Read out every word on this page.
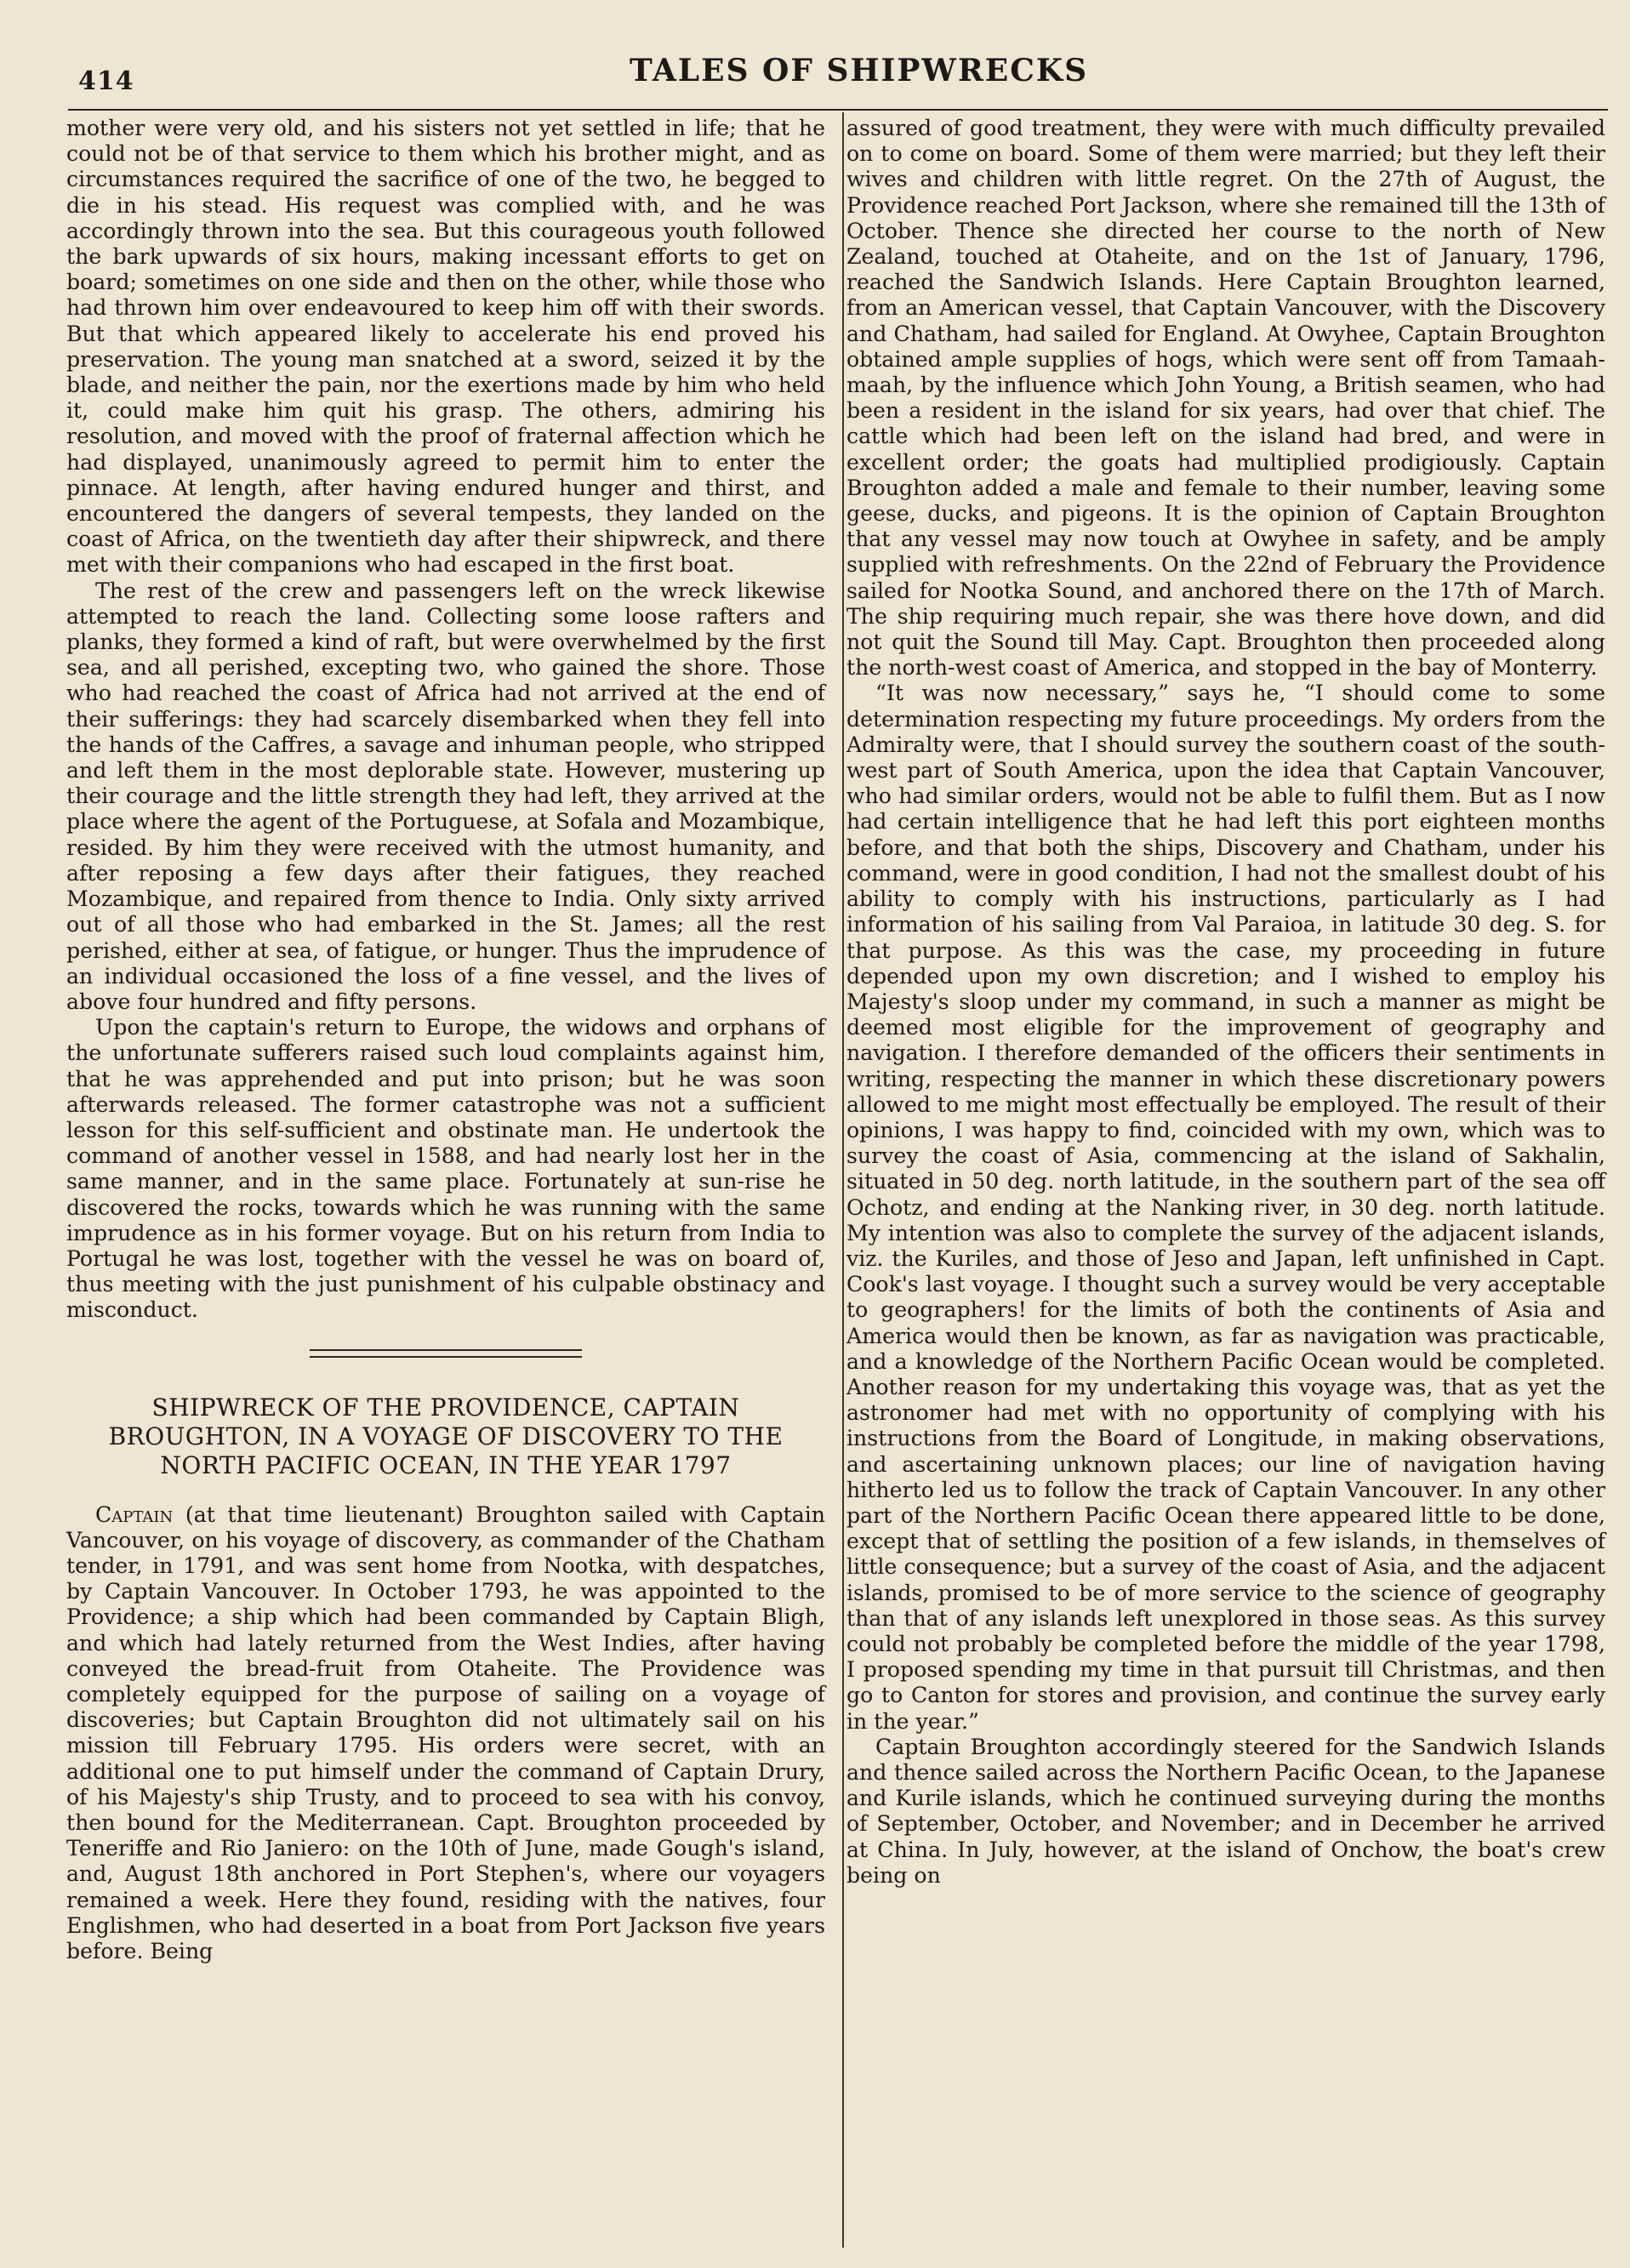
414	TALES OF SHIPWRECKS

mother were very old, and his sisters not yet settled in life; that he could not be of that service to them which his brother might, and as circumstances required the sacrifice of one of the two, he begged to die in his stead. His request was complied with, and he was accordingly thrown into the sea. But this courageous youth followed the bark upwards of six hours, making incessant efforts to get on board; sometimes on one side and then on the other, while those who had thrown him over endeavoured to keep him off with their swords. But that which appeared likely to accelerate his end proved his preservation. The young man snatched at a sword, seized it by the blade, and neither the pain, nor the exertions made by him who held it, could make him quit his grasp. The others, admiring his resolution, and moved with the proof of fraternal affection which he had displayed, unanimously agreed to permit him to enter the pinnace. At length, after having endured hunger and thirst, and encountered the dangers of several tempests, they landed on the coast of Africa, on the twentieth day after their shipwreck, and there met with their companions who had escaped in the first boat.

The rest of the crew and passengers left on the wreck likewise attempted to reach the land. Collecting some loose rafters and planks, they formed a kind of raft, but were overwhelmed by the first sea, and all perished, excepting two, who gained the shore. Those who had reached the coast of Africa had not arrived at the end of their sufferings: they had scarcely disembarked when they fell into the hands of the Caffres, a savage and inhuman people, who stripped and left them in the most deplorable state. However, mustering up their courage and the little strength they had left, they arrived at the place where the agent of the Portuguese, at Sofala and Mozambique, resided. By him they were received with the utmost humanity, and after reposing a few days after their fatigues, they reached Mozambique, and repaired from thence to India. Only sixty arrived out of all those who had embarked in the St. James; all the rest perished, either at sea, of fatigue, or hunger. Thus the imprudence of an individual occasioned the loss of a fine vessel, and the lives of above four hundred and fifty persons.

Upon the captain's return to Europe, the widows and orphans of the unfortunate sufferers raised such loud complaints against him, that he was apprehended and put into prison; but he was soon afterwards released. The former catastrophe was not a sufficient lesson for this self-sufficient and obstinate man. He undertook the command of another vessel in 1588, and had nearly lost her in the same manner, and in the same place. Fortunately at sun-rise he discovered the rocks, towards which he was running with the same imprudence as in his former voyage. But on his return from India to Portugal he was lost, together with the vessel he was on board of, thus meeting with the just punishment of his culpable obstinacy and misconduct.

SHIPWRECK OF THE PROVIDENCE, CAPTAIN BROUGHTON, IN A VOYAGE OF DISCOVERY TO THE NORTH PACIFIC OCEAN, IN THE YEAR 1797

Captain (at that time lieutenant) Broughton sailed with Captain Vancouver, on his voyage of discovery, as commander of the Chatham tender, in 1791, and was sent home from Nootka, with despatches, by Captain Vancouver. In October 1793, he was appointed to the Providence; a ship which had been commanded by Captain Bligh, and which had lately returned from the West Indies, after having conveyed the bread-fruit from Otaheite. The Providence was completely equipped for the purpose of sailing on a voyage of discoveries; but Captain Broughton did not ultimately sail on his mission till February 1795. His orders were secret, with an additional one to put himself under the command of Captain Drury, of his Majesty's ship Trusty, and to proceed to sea with his convoy, then bound for the Mediterranean. Capt. Broughton proceeded by Teneriffe and Rio Janiero: on the 10th of June, made Gough's island, and, August 18th anchored in Port Stephen's, where our voyagers remained a week. Here they found, residing with the natives, four Englishmen, who had deserted in a boat from Port Jackson five years before. Being

assured of good treatment, they were with much difficulty prevailed on to come on board. Some of them were married; but they left their wives and children with little regret. On the 27th of August, the Providence reached Port Jackson, where she remained till the 13th of October. Thence she directed her course to the north of New Zealand, touched at Otaheite, and on the 1st of January, 1796, reached the Sandwich Islands. Here Captain Broughton learned, from an American vessel, that Captain Vancouver, with the Discovery and Chatham, had sailed for England. At Owyhee, Captain Broughton obtained ample supplies of hogs, which were sent off from Tamaah-maah, by the influence which John Young, a British seamen, who had been a resident in the island for six years, had over that chief. The cattle which had been left on the island had bred, and were in excellent order; the goats had multiplied prodigiously. Captain Broughton added a male and female to their number, leaving some geese, ducks, and pigeons. It is the opinion of Captain Broughton that any vessel may now touch at Owyhee in safety, and be amply supplied with refreshments. On the 22nd of February the Providence sailed for Nootka Sound, and anchored there on the 17th of March. The ship requiring much repair, she was there hove down, and did not quit the Sound till May. Capt. Broughton then proceeded along the north-west coast of America, and stopped in the bay of Monterry.

“It was now necessary,” says he, “I should come to some determination respecting my future proceedings. My orders from the Admiralty were, that I should survey the southern coast of the south-west part of South America, upon the idea that Captain Vancouver, who had similar orders, would not be able to fulfil them. But as I now had certain intelligence that he had left this port eighteen months before, and that both the ships, Discovery and Chatham, under his command, were in good condition, I had not the smallest doubt of his ability to comply with his instructions, particularly as I had information of his sailing from Val Paraioa, in latitude 30 deg. S. for that purpose. As this was the case, my proceeding in future depended upon my own discretion; and I wished to employ his Majesty's sloop under my command, in such a manner as might be deemed most eligible for the improvement of geography and navigation. I therefore demanded of the officers their sentiments in writing, respecting the manner in which these discretionary powers allowed to me might most effectually be employed. The result of their opinions, I was happy to find, coincided with my own, which was to survey the coast of Asia, commencing at the island of Sakhalin, situated in 50 deg. north latitude, in the southern part of the sea off Ochotz, and ending at the Nanking river, in 30 deg. north latitude. My intention was also to complete the survey of the adjacent islands, viz. the Kuriles, and those of Jeso and Japan, left unfinished in Capt. Cook's last voyage. I thought such a survey would be very acceptable to geographers! for the limits of both the continents of Asia and America would then be known, as far as navigation was practicable, and a knowledge of the Northern Pacific Ocean would be completed. Another reason for my undertaking this voyage was, that as yet the astronomer had met with no opportunity of complying with his instructions from the Board of Longitude, in making observations, and ascertaining unknown places; our line of navigation having hitherto led us to follow the track of Captain Vancouver. In any other part of the Northern Pacific Ocean there appeared little to be done, except that of settling the position of a few islands, in themselves of little consequence; but a survey of the coast of Asia, and the adjacent islands, promised to be of more service to the science of geography than that of any islands left unexplored in those seas. As this survey could not probably be completed before the middle of the year 1798, I proposed spending my time in that pursuit till Christmas, and then go to Canton for stores and provision, and continue the survey early in the year.”

Captain Broughton accordingly steered for the Sandwich Islands and thence sailed across the Northern Pacific Ocean, to the Japanese and Kurile islands, which he continued surveying during the months of September, October, and November; and in December he arrived at China. In July, however, at the island of Onchow, the boat's crew being on
